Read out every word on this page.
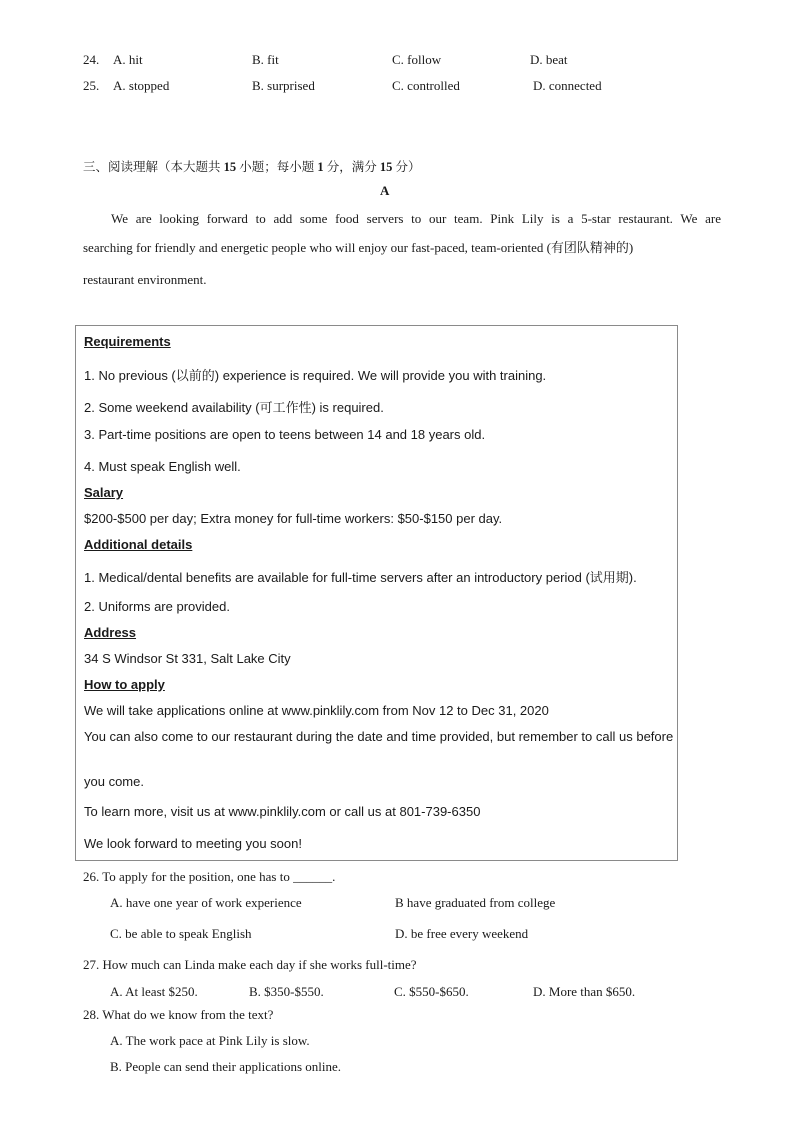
24. A. hit	B. fit	C. follow	D. beat
25. A. stopped	B. surprised	C. controlled	D. connected
三、阅读理解（本大题共 15 小题；每小题 1 分，满分 15 分）
A
We are looking forward to add some food servers to our team. Pink Lily is a 5-star restaurant. We are
searching for friendly and energetic people who will enjoy our fast-paced, team-oriented (有团队精神的)
restaurant environment.
Requirements
1. No previous (以前的) experience is required. We will provide you with training.
2. Some weekend availability (可工作性) is required.
3. Part-time positions are open to teens between 14 and 18 years old.
4. Must speak English well.
Salary
$200-$500 per day; Extra money for full-time workers: $50-$150 per day.
Additional details
1. Medical/dental benefits are available for full-time servers after an introductory period (试用期).
2. Uniforms are provided.
Address
34 S Windsor St 331, Salt Lake City
How to apply
We will take applications online at www.pinklily.com from Nov 12 to Dec 31, 2020
You can also come to our restaurant during the date and time provided, but remember to call us before
you come.
To learn more, visit us at www.pinklily.com or call us at 801-739-6350
We look forward to meeting you soon!
26. To apply for the position, one has to ______.
A. have one year of work experience	B have graduated from college
C. be able to speak English	D. be free every weekend
27. How much can Linda make each day if she works full-time?
A. At least $250.	B. $350-$550.	C. $550-$650.	D. More than $650.
28. What do we know from the text?
A. The work pace at Pink Lily is slow.
B. People can send their applications online.
